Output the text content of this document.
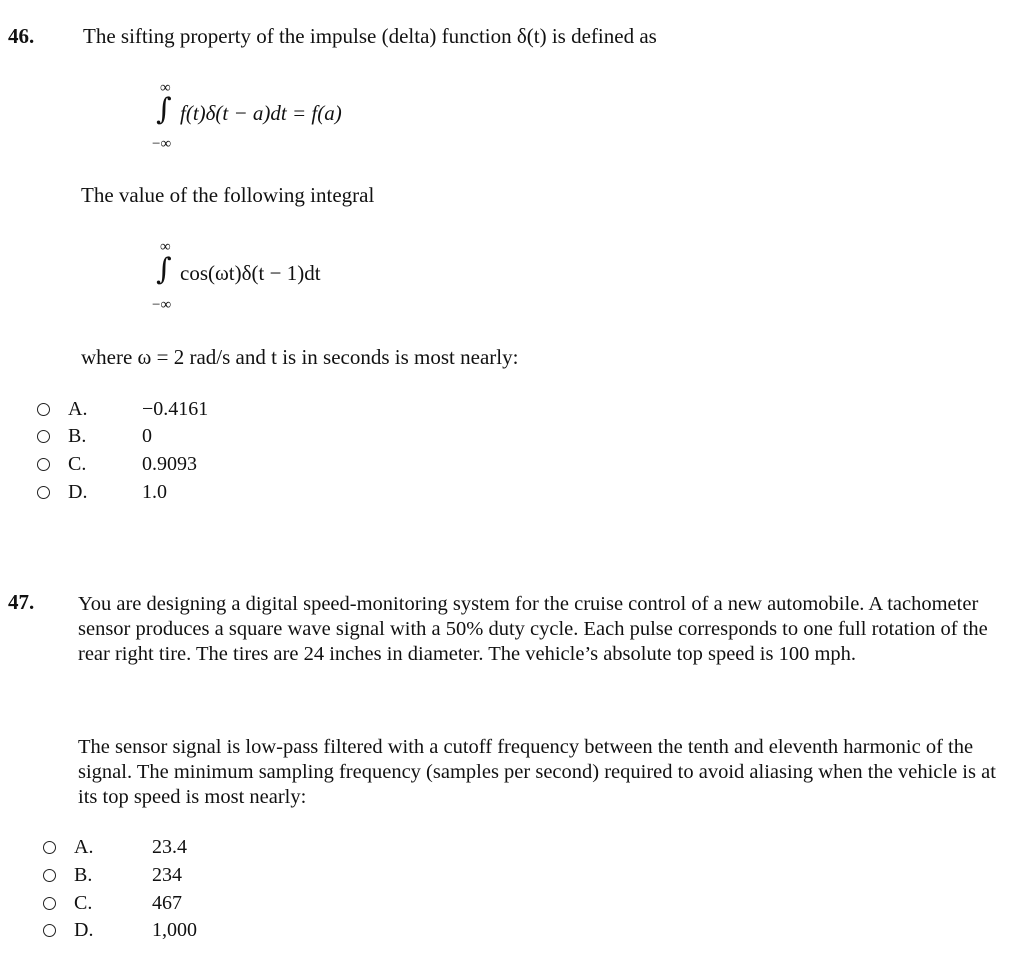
46. The sifting property of the impulse (delta) function δ(t) is defined as
∞
∫ f(t)δ(t − a)dt = f(a)
−∞
The value of the following integral
∞
∫ cos(ωt)δ(t − 1)dt
−∞
where ω = 2 rad/s and t is in seconds is most nearly:
A.	−0.4161
B.	0
C.	0.9093
D.	1.0
47. You are designing a digital speed-monitoring system for the cruise control of a new automobile. A tachometer sensor produces a square wave signal with a 50% duty cycle. Each pulse corresponds to one full rotation of the rear right tire. The tires are 24 inches in diameter. The vehicle’s absolute top speed is 100 mph.
The sensor signal is low-pass filtered with a cutoff frequency between the tenth and eleventh harmonic of the signal. The minimum sampling frequency (samples per second) required to avoid aliasing when the vehicle is at its top speed is most nearly:
A.	23.4
B.	234
C.	467
D.	1,000
